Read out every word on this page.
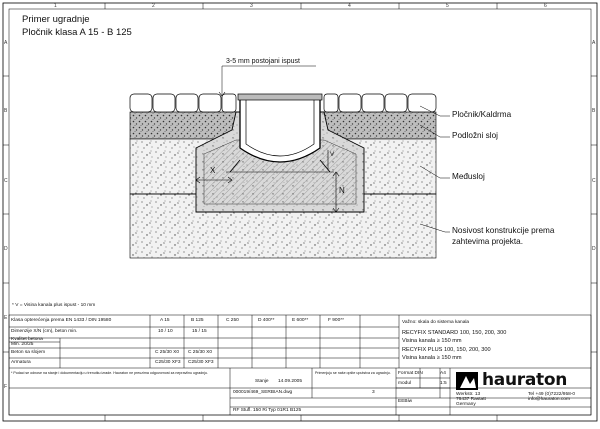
1	2	3	4	5	6
A
B
C
D
E
F
A
B
C
D
Primer ugradnje
Pločnik klasa A 15 - B 125
3-5 mm postojani ispust
Pločnik/Kaldrma
Podložni sloj
Međusloj
Nosivost konstrukcije prema
zahtevima projekta.
X
N
V
* V = Visina kanala plus ispust - 10 mm
Klasa opterećenja prema EN 1433 / DIN 19580	A 15	B 125	C 250	D 400**	E 600**	F 900**
Dimenzije X/N (cm), beton min.	10 / 10	15 / 15
Kvalitet betona
Min. 20/25
Beton sa slojem	C 25/30 X0 C 25/30 X0
Armatura	C25/30 XF3 C25/30 XF3
Važno: skala do sistema kanala
RECYFIX STANDARD 100, 150, 200, 300
Visina kanala ≥ 150 mm
RECYFIX PLUS 100, 150, 200, 300
Visina kanala ≥ 150 mm
* Podaci se odnose na stanje i dokumentaciju u trenutku izrade. Hauraton ne preuzima odgovornost za nepravilnu ugradnju.
Stanje 14.09.2005
Primenjuju se naše opšte uputstva za ugradnju.	Format DIN	A4
modul	1:5
000019/469_SERBIAN.dwg	3
EEBiw
RF Stufl. 150 Ri Typ 01R1 B125
hauraton
Werkstr. 13
76437 Rastatt
Germany
Tel +49 (0)7222/958-0
info@hauraton.com
